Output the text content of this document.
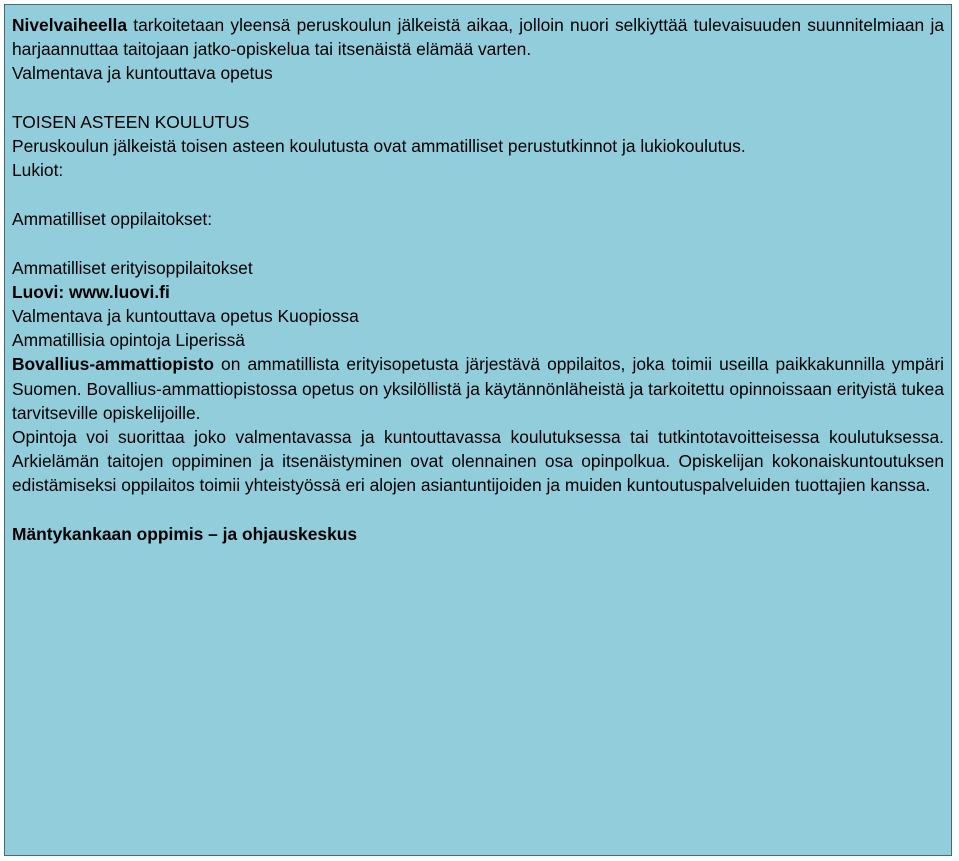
Nivelvaiheella tarkoitetaan yleensä peruskoulun jälkeistä aikaa, jolloin nuori selkiyttää tulevaisuuden suunnitelmiaan ja harjaannuttaa taitojaan jatko-opiskelua tai itsenäistä elämää varten.
Valmentava ja kuntouttava opetus
TOISEN ASTEEN KOULUTUS
Peruskoulun jälkeistä toisen asteen koulutusta ovat ammatilliset perustutkinnot ja lukiokoulutus.
Lukiot:
Ammatilliset oppilaitokset:
Ammatilliset erityisoppilaitokset
Luovi: www.luovi.fi
Valmentava ja kuntouttava opetus Kuopiossa
Ammatillisia opintoja Liperissä
Bovallius-ammattiopisto on ammatillista erityisopetusta järjestävä oppilaitos, joka toimii useilla paikkakunnilla ympäri Suomen. Bovallius-ammattiopistossa opetus on yksilöllistä ja käytännönläheistä ja tarkoitettu opinnoissaan erityistä tukea tarvitseville opiskelijoille.
Opintoja voi suorittaa joko valmentavassa ja kuntouttavassa koulutuksessa tai tutkintotavoitteisessa koulutuksessa. Arkielämän taitojen oppiminen ja itsenäistyminen ovat olennainen osa opinpolkua. Opiskelijan kokonaiskuntoutuksen edistämiseksi oppilaitos toimii yhteistyössä eri alojen asiantuntijoiden ja muiden kuntoutuspalveluiden tuottajien kanssa.
Mäntykankaan oppimis – ja ohjauskeskus
